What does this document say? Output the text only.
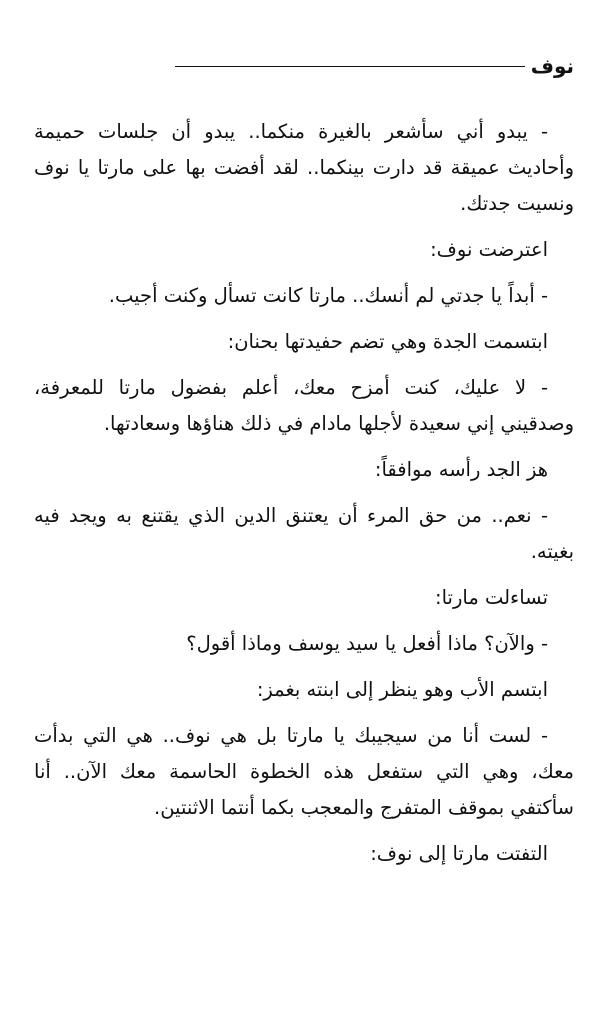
نوف

- يبدو أني سأشعر بالغيرة منكما.. يبدو أن جلسات حميمة وأحاديث عميقة قد دارت بينكما.. لقد أفضت بها على مارتا يا نوف ونسيت جدتك.

اعترضت نوف:

- أبداً يا جدتي لم أنسك.. مارتا كانت تسأل وكنت أجيب.

ابتسمت الجدة وهي تضم حفيدتها بحنان:

- لا عليك، كنت أمزح معك، أعلم بفضول مارتا للمعرفة، وصدقيني إني سعيدة لأجلها مادام في ذلك هناؤها وسعادتها.

هز الجد رأسه موافقاً:

- نعم.. من حق المرء أن يعتنق الدين الذي يقتنع به ويجد فيه بغيته.

تساءلت مارتا:

- والآن؟ ماذا أفعل يا سيد يوسف وماذا أقول؟

ابتسم الأب وهو ينظر إلى ابنته بغمز:

- لست أنا من سيجيبك يا مارتا بل هي نوف.. هي التي بدأت معك، وهي التي ستفعل هذه الخطوة الحاسمة معك الآن.. أنا سأكتفي بموقف المتفرج والمعجب بكما أنتما الاثنتين.

التفتت مارتا إلى نوف:
